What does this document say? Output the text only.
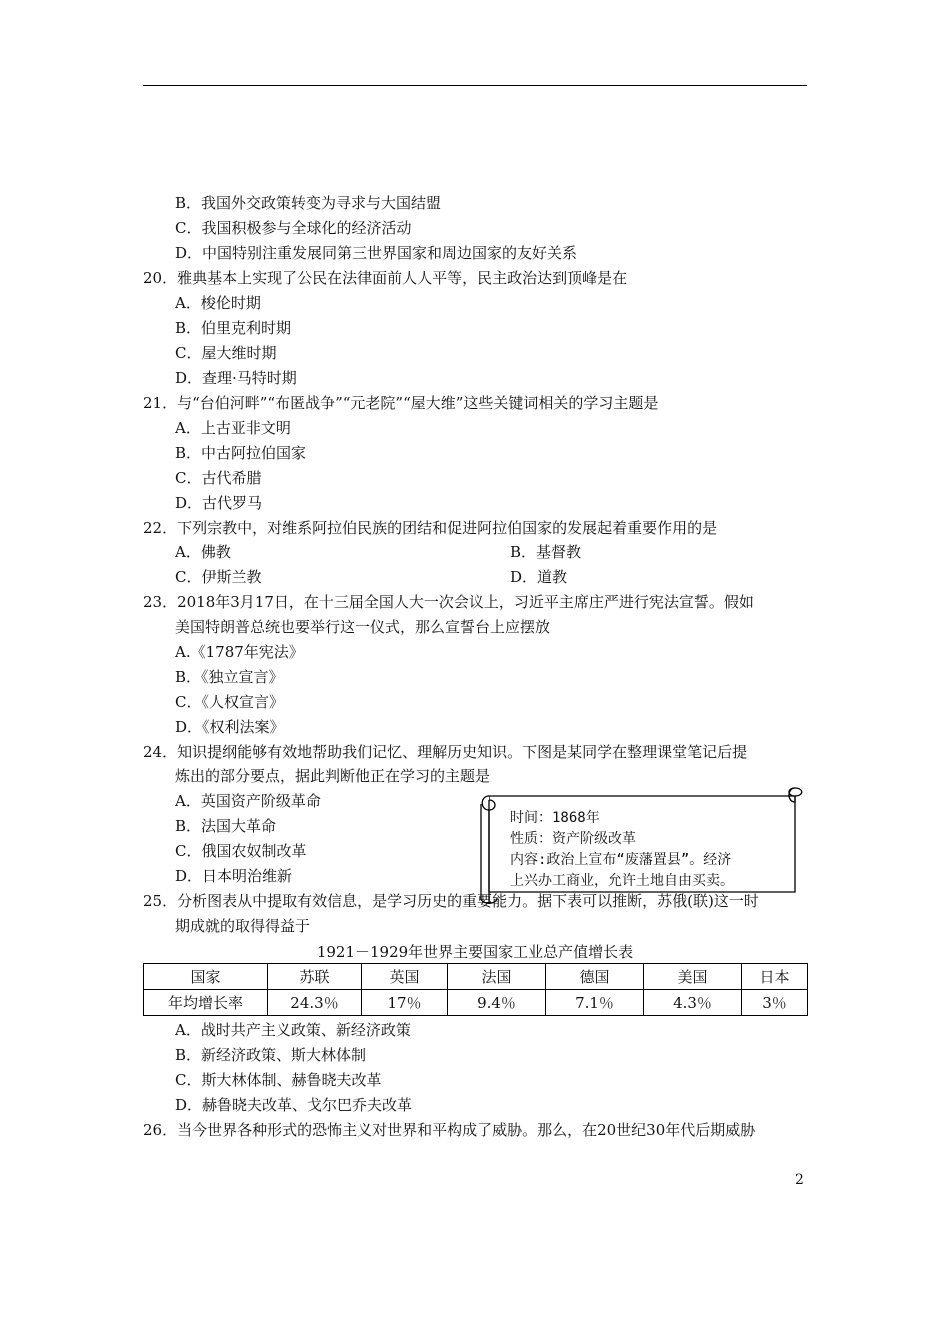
B．我国外交政策转变为寻求与大国结盟
C．我国积极参与全球化的经济活动
D．中国特别注重发展同第三世界国家和周边国家的友好关系
20．雅典基本上实现了公民在法律面前人人平等，民主政治达到顶峰是在
A．梭伦时期
B．伯里克利时期
C．屋大维时期
D．查理·马特时期
21．与“台伯河畔”“布匿战争”“元老院”“屋大维”这些关键词相关的学习主题是
A．上古亚非文明
B．中古阿拉伯国家
C．古代希腊
D．古代罗马
22．下列宗教中，对维系阿拉伯民族的团结和促进阿拉伯国家的发展起着重要作用的是
A．佛教	B．基督教
C．伊斯兰教	D．道教
23．2018年3月17日，在十三届全国人大一次会议上，习近平主席庄严进行宪法宣誓。假如
美国特朗普总统也要举行这一仪式，那么宣誓台上应摆放
A.《1787年宪法》
B．《独立宣言》
C．《人权宣言》
D．《权利法案》
24．知识提纲能够有效地帮助我们记忆、理解历史知识。下图是某同学在整理课堂笔记后提
炼出的部分要点，据此判断他正在学习的主题是
A．英国资产阶级革命
B．法国大革命
C．俄国农奴制改革
D．日本明治维新
时间：1868年
性质：资产阶级改革
内容:政治上宣布“废藩置县”。经济
上兴办工商业，允许土地自由买卖。
25．分析图表从中提取有效信息，是学习历史的重要能力。据下表可以推断，苏俄(联)这一时
期成就的取得得益于
1921－1929年世界主要国家工业总产值增长表
国家	苏联	英国	法国	德国	美国	日本
年均增长率	24.3％	17％	9.4％	7.1％	4.3％	3％
A．战时共产主义政策、新经济政策
B．新经济政策、斯大林体制
C．斯大林体制、赫鲁晓夫改革
D．赫鲁晓夫改革、戈尔巴乔夫改革
26．当今世界各种形式的恐怖主义对世界和平构成了威胁。那么，在20世纪30年代后期威胁
2
